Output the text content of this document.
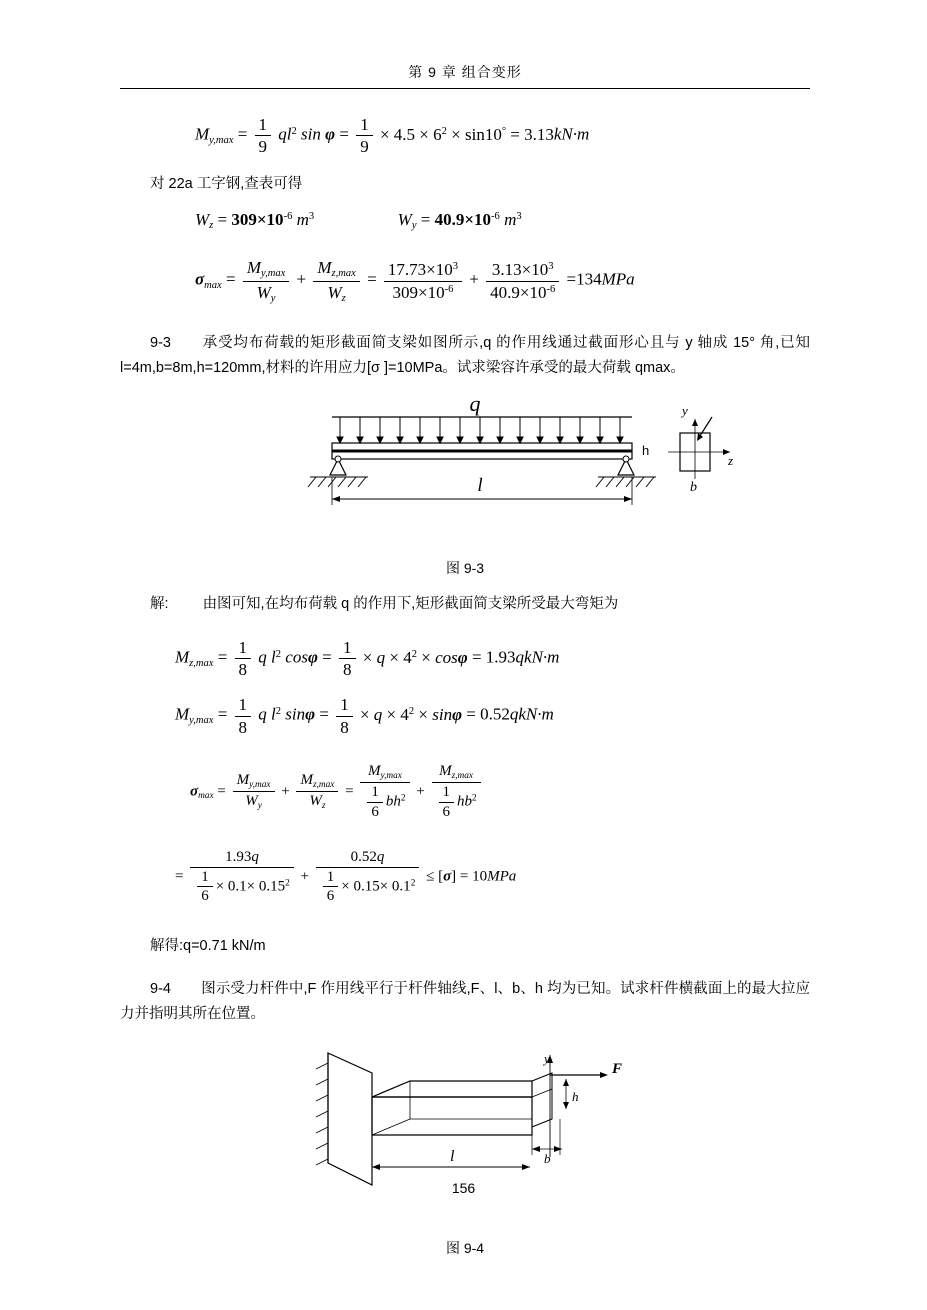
第 9 章 组合变形
$M_{y,max} = \frac{1}{9} ql^2$ $\sin \varphi = \frac{1}{9} \times 4.5 \times 6^2 \times \sin 10^\circ = 3.13kN\cdot m$
对 22a 工字钢,查表可得
$W_z = 309\times 10^{-6}$ $m^3$	$W_y = 40.9\times 10^{-6}$ $m^3$
$\sigma_{max} = \frac{M_{y,max}}{W_y} + \frac{M_{z,max}}{W_z} = \frac{17.73\times 10^3}{309\times 10^{-6}} + \frac{3.13\times 10^3}{40.9\times 10^{-6}} =134MPa$
9-3 承受均布荷载的矩形截面简支梁如图所示,q 的作用线通过截面形心且与 y 轴成 15° 角,已知 l=4m,b=8m,h=120mm,材料的许用应力[σ ]=10MPa。试求梁容许承受的最大荷载 qmax。
q
l
h
b
y
z
图 9-3
解: 由图可知,在均布荷载 q 的作用下,矩形截面简支梁所受最大弯矩为
$M_{z,max} = \frac{1}{8}$ q $l^2$ $\cos\varphi = \frac{1}{8} \times q \times 4^2 \times \cos\varphi = 1.93qkN\cdot m$
$M_{y,max} = \frac{1}{8}$ q $l^2$ $\sin\varphi = \frac{1}{8} \times q \times 4^2 \times \sin\varphi = 0.52qkN\cdot m$
$\sigma_{max} = \frac{M_{y,max}}{W_y} + \frac{M_{z,max}}{W_z} = \frac{M_{y,max}}{\frac{1}{6} bh^2} + \frac{M_{z,max}}{\frac{1}{6} hb^2}$
= $\frac{1.93q}{\frac{1}{6} \times 0.1\times 0.15^2} + \frac{0.52q}{\frac{1}{6} \times 0.15\times 0.1^2} \le [\sigma] = 10MPa$
解得:q=0.71 kN/m
9-4 图示受力杆件中,F 作用线平行于杆件轴线,F、l、b、h 均为已知。试求杆件横截面上的最大拉应力并指明其所在位置。
y
F
h
b
l
图 9-4
156
